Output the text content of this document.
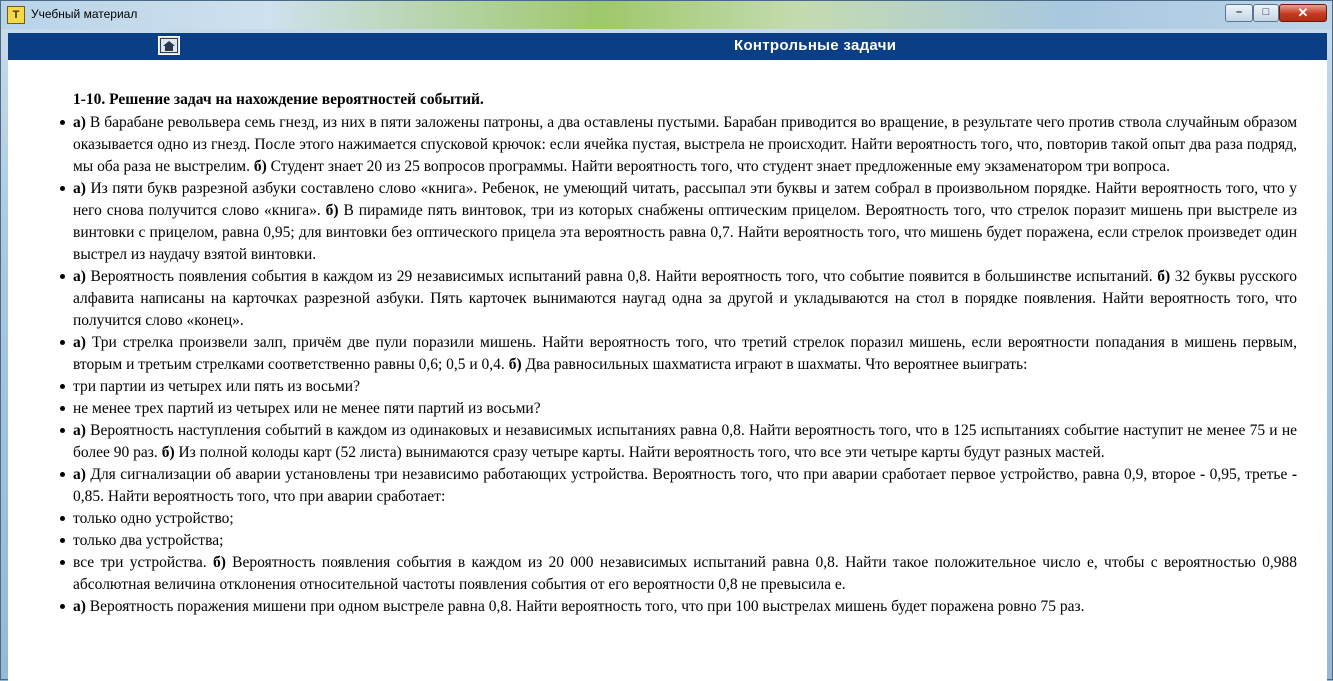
T Учебный материал	–	□	✕
Контрольные задачи
1-10. Решение задач на нахождение вероятностей событий.
а) В барабане револьвера семь гнезд, из них в пяти заложены патроны, а два оставлены пустыми. Барабан приводится во вращение, в результате чего против ствола случайным образом оказывается одно из гнезд. После этого нажимается спусковой крючок: если ячейка пустая, выстрела не происходит. Найти вероятность того, что, повторив такой опыт два раза подряд, мы оба раза не выстрелим. б) Студент знает 20 из 25 вопросов программы. Найти вероятность того, что студент знает предложенные ему экзаменатором три вопроса.
а) Из пяти букв разрезной азбуки составлено слово «книга». Ребенок, не умеющий читать, рассыпал эти буквы и затем собрал в произвольном порядке. Найти вероятность того, что у него снова получится слово «книга». б) В пирамиде пять винтовок, три из которых снабжены оптическим прицелом. Вероятность того, что стрелок поразит мишень при выстреле из винтовки с прицелом, равна 0,95; для винтовки без оптического прицела эта вероятность равна 0,7. Найти вероятность того, что мишень будет поражена, если стрелок произведет один выстрел из наудачу взятой винтовки.
а) Вероятность появления события в каждом из 29 независимых испытаний равна 0,8. Найти вероятность того, что событие появится в большинстве испытаний. б) 32 буквы русского алфавита написаны на карточках разрезной азбуки. Пять карточек вынимаются наугад одна за другой и укладываются на стол в порядке появления. Найти вероятность того, что получится слово «конец».
а) Три стрелка произвели залп, причём две пули поразили мишень. Найти вероятность того, что третий стрелок поразил мишень, если вероятности попадания в мишень первым, вторым и третьим стрелками соответственно равны 0,6; 0,5 и 0,4. б) Два равносильных шахматиста играют в шахматы. Что вероятнее выиграть:
три партии из четырех или пять из восьми?
не менее трех партий из четырех или не менее пяти партий из восьми?
а) Вероятность наступления событий в каждом из одинаковых и независимых испытаниях равна 0,8. Найти вероятность того, что в 125 испытаниях событие наступит не менее 75 и не более 90 раз. б) Из полной колоды карт (52 листа) вынимаются сразу четыре карты. Найти вероятность того, что все эти четыре карты будут разных мастей.
а) Для сигнализации об аварии установлены три независимо работающих устройства. Вероятность того, что при аварии сработает первое устройство, равна 0,9, второе - 0,95, третье - 0,85. Найти вероятность того, что при аварии сработает:
только одно устройство;
только два устройства;
все три устройства. б) Вероятность появления события в каждом из 20 000 независимых испытаний равна 0,8. Найти такое положительное число e, чтобы с вероятностью 0,988 абсолютная величина отклонения относительной частоты появления события от его вероятности 0,8 не превысила e.
а) Вероятность поражения мишени при одном выстреле равна 0,8. Найти вероятность того, что при 100 выстрелах мишень будет поражена ровно 75 раз.
